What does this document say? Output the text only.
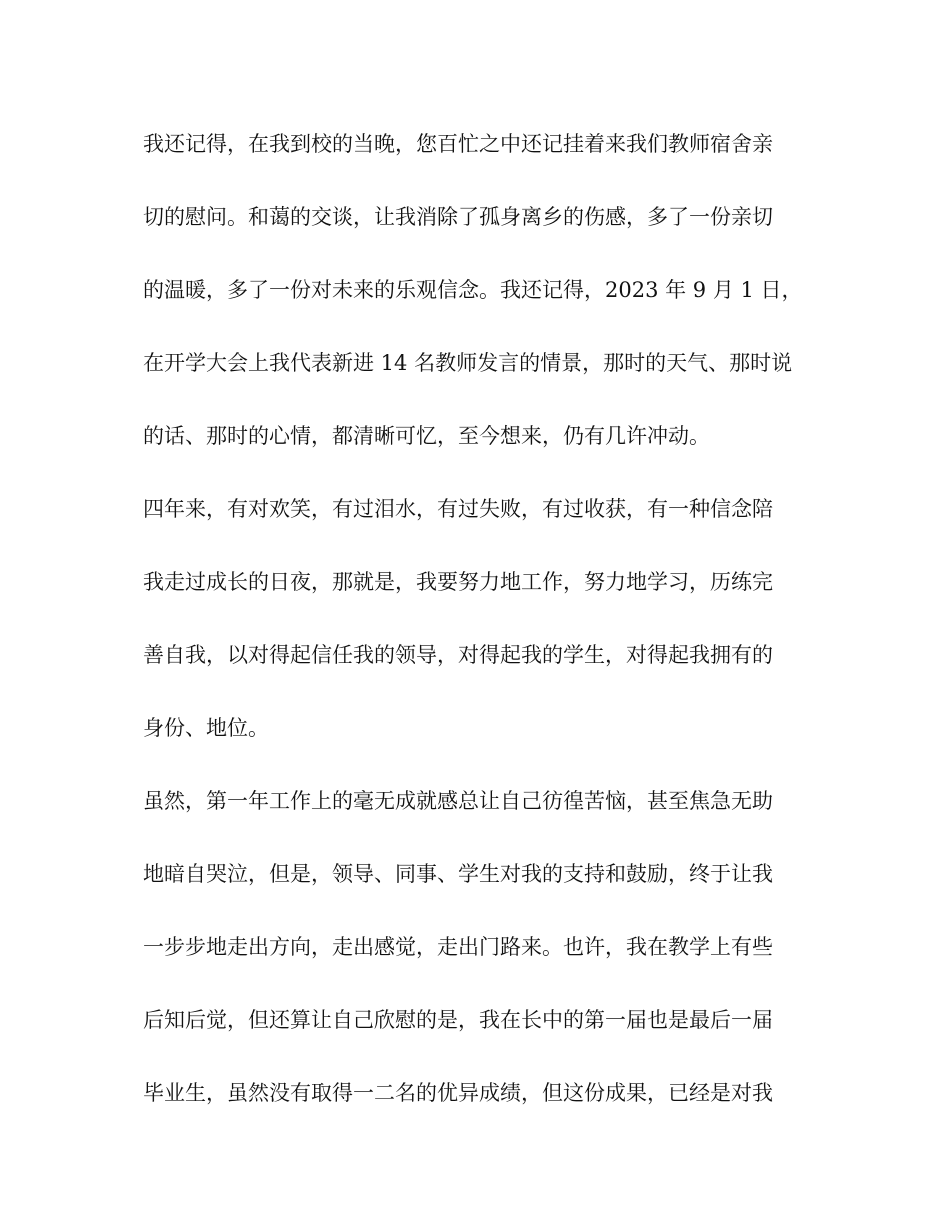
我还记得，在我到校的当晚，您百忙之中还记挂着来我们教师宿舍亲
切的慰问。和蔼的交谈，让我消除了孤身离乡的伤感，多了一份亲切
的温暖，多了一份对未来的乐观信念。我还记得，2023 年 9 月 1 日，
在开学大会上我代表新进 14 名教师发言的情景，那时的天气、那时说
的话、那时的心情，都清晰可忆，至今想来，仍有几许冲动。
四年来，有对欢笑，有过泪水，有过失败，有过收获，有一种信念陪
我走过成长的日夜，那就是，我要努力地工作，努力地学习，历练完
善自我，以对得起信任我的领导，对得起我的学生，对得起我拥有的
身份、地位。
虽然，第一年工作上的毫无成就感总让自己彷徨苦恼，甚至焦急无助
地暗自哭泣，但是，领导、同事、学生对我的支持和鼓励，终于让我
一步步地走出方向，走出感觉，走出门路来。也许，我在教学上有些
后知后觉，但还算让自己欣慰的是，我在长中的第一届也是最后一届
毕业生，虽然没有取得一二名的优异成绩，但这份成果，已经是对我
